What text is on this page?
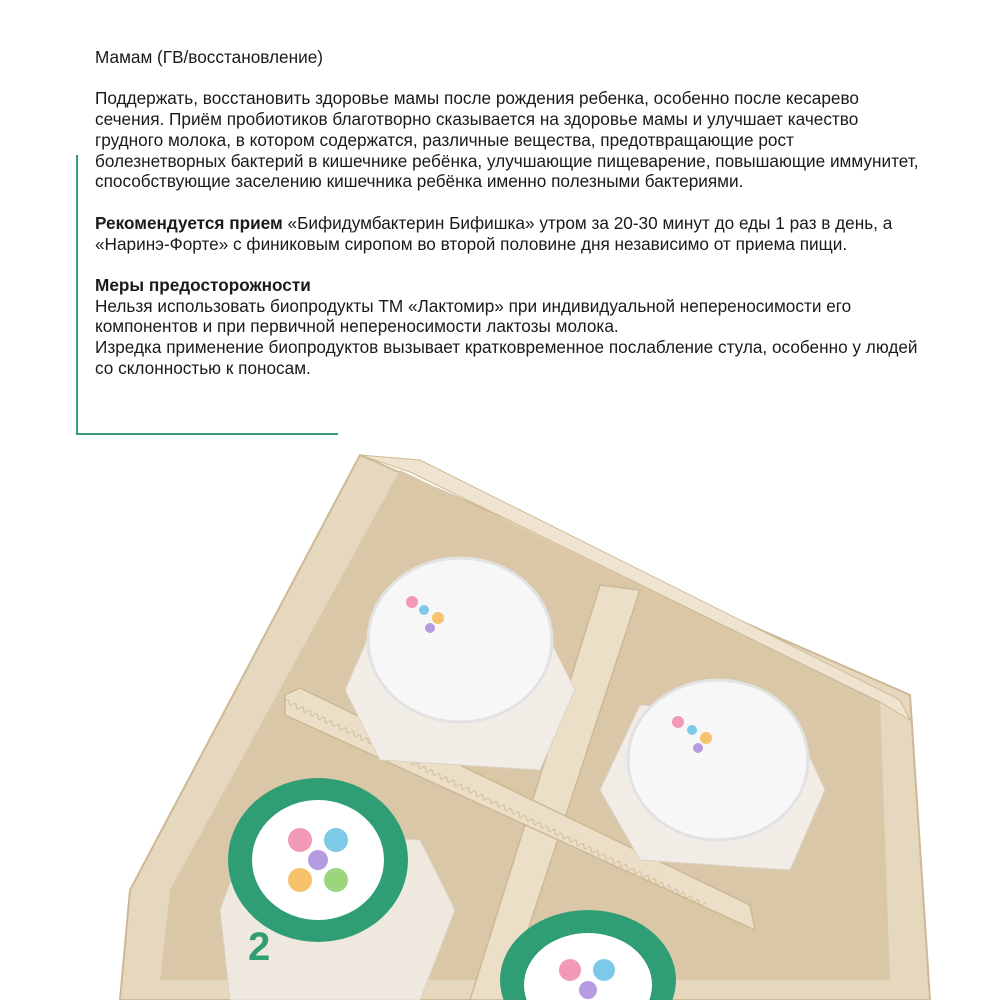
Мамам (ГВ/восстановление)

Поддержать, восстановить здоровье мамы после рождения ребенка, особенно после кесарево сечения. Приём пробиотиков благотворно сказывается на здоровье мамы и улучшает качество грудного молока, в котором содержатся, различные вещества, предотвращающие рост болезнетворных бактерий в кишечнике ребёнка, улучшающие пищеварение, повышающие иммунитет, способствующие заселению кишечника ребёнка именно полезными бактериями.

Рекомендуется прием «Бифидумбактерин Бифишка» утром за 20-30 минут до еды 1 раз в день, а «Наринэ-Форте» с финиковым сиропом во второй половине дня независимо от приема пищи.

Меры предосторожности
Нельзя использовать биопродукты ТМ «Лактомир» при индивидуальной непереносимости его компонентов и при первичной непереносимости лактозы молока.
Изредка применение биопродуктов вызывает кратковременное послабление стула, особенно у людей со склонностью к поносам.

2
